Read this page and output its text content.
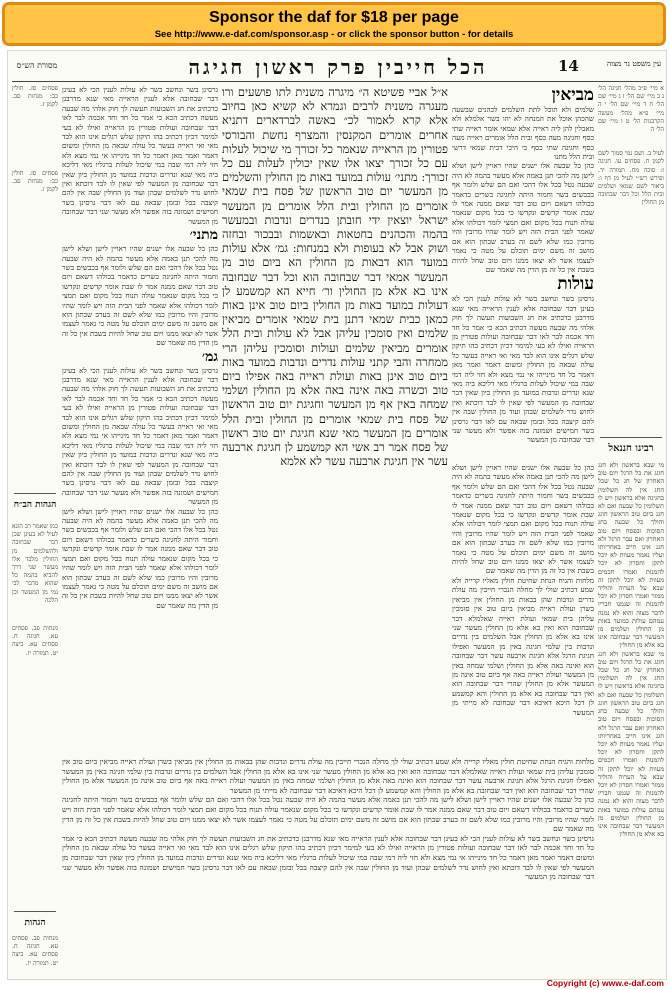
Sponsor the daf for $18 per page
See http://www.e-daf.com/sponsor.asp - or click the sponsor button - for details
מסורת הש״ס	הכל חייבין פרק ראשון חגיגה	14	עין משפט נר מצוה
פסחים סז. חולין כב: מנחות סב. לקמן ז.
פסחים סז. חולין כב: מנחות סב. לקמן ז.
הגהות הב״ח
כמו שאמר רב הונא לעיל לא בעינן שכן דבר שבחובה ולהשלמים מן החולין מלבד אלו מעשר שני דרך להביא בהמה כל שהוא מדבר לבי נמי מן המעשר וכן הלכה
מנחות פב. פסחים עא. חגיגה ח. פסחים עא. ביצה יט. תמורה יז.
הגהות
מנחות פב. פסחים עא. חגיגה ח. פסחים עא. ביצה יט. תמורה יז.
גרסינן בשר ונחשב בשר לא עולות לענין הכי לא בעינן דבר שבחובה אלא לענין הראייה מאי שנא מדרבנן כדכתיב את חג השבועות תעשה לך חוק אלהי מה שבעה מעשה דכתיב הכא כי אמר כל חד וחד אכמה לבר לאו דבר שבחובה ועולות פטורין מן הראייה ואילו לא בעי למימר דכיון דכתיב בהו תיקון שלש רגלים אינו הוא לבד מאי ואי ראייה בעשר כל עולה שבאה מן החולין ומשום דאמר ואמר מאן דאמר כל חד מינייהו אי נמי מצא ולא חזי ליה דמי שבה במי שיכול לעלות ברגליו מאי דליכא ביה מאי שנא ונדרים ונדבות במועד מן החולין כיון שאין דבר שבחובה מן המעשר לפי שאין לו לבד דוכתא ואין לחוש נדר לשלמים שבהן ועוד מן החולין שבה אין להם קיצבה בכל ובזמן שבאה עם לאו דבר גרסינן בשר חמישים ושמונה בזה אפשר ולא מעשר שני דבר שבחובה מן המעשר
מתני׳
כהן כל שבעה אלו ישנים שהיו ראויין לישן ושלא לישן מה להכי תנן באמה אלא מעשר בהמה לא היה שבעה נטל בכל אלו דהכי ואם הם שלש ולומר אף בכבשים בשר וחמור היתה לחגיגה כשרים כדאמר בכולהו דשאם ויום טוב דבר שאם ממנה אמר לו שבת אומר קדשים ונקדשו כי בכל מקום שנאמר עולה תנוח בכל מקום ואם תמצי לומר דכולהו אלא שאמר לפני הבית הזה ויש לומר שהיו מרובין והיו מרובין כמו שלא לשם זה בערב שבתון הוא אם מושב זה משם ימים תוכלם על מטה כי נאמר לעצמו אשר לא יצאו ממנו ויום טוב שחל להיות בשבת אין כל זה מן הדין מה שאמר שם
גמ׳
גרסינן בשר ונחשב בשר לא עולות לענין הכי לא בעינן דבר שבחובה אלא לענין הראייה מאי שנא מדרבנן כדכתיב את חג השבועות תעשה לך חוק אלהי מה שבעה מעשה דכתיב הכא כי אמר כל חד וחד אכמה לבר לאו דבר שבחובה ועולות פטורין מן הראייה ואילו לא בעי למימר דכיון דכתיב בהו תיקון שלש רגלים אינו הוא לבד מאי ואי ראייה בעשר כל עולה שבאה מן החולין ומשום דאמר ואמר מאן דאמר כל חד מינייהו אי נמי מצא ולא חזי ליה דמי שבה במי שיכול לעלות ברגליו מאי דליכא ביה מאי שנא ונדרים ונדבות במועד מן החולין כיון שאין דבר שבחובה מן המעשר לפי שאין לו לבד דוכתא ואין לחוש נדר לשלמים שבהן ועוד מן החולין שבה אין להם קיצבה בכל ובזמן שבאה עם לאו דבר גרסינן בשר חמישים ושמונה בזה אפשר ולא מעשר שני דבר שבחובה מן המעשר
כהן כל שבעה אלו ישנים שהיו ראויין לישן ושלא לישן מה להכי תנן באמה אלא מעשר בהמה לא היה שבעה נטל בכל אלו דהכי ואם הם שלש ולומר אף בכבשים בשר וחמור היתה לחגיגה כשרים כדאמר בכולהו דשאם ויום טוב דבר שאם ממנה אמר לו שבת אומר קדשים ונקדשו כי בכל מקום שנאמר עולה תנוח בכל מקום ואם תמצי לומר דכולהו אלא שאמר לפני הבית הזה ויש לומר שהיו מרובין והיו מרובין כמו שלא לשם זה בערב שבתון הוא אם מושב זה משם ימים תוכלם על מטה כי נאמר לעצמו אשר לא יצאו ממנו ויום טוב שחל להיות בשבת אין כל זה מן הדין מה שאמר שם
א״ל אביי פשיטא ה״ מיגרה משנית לתו פושעים ורו מעגרה משנית לרבים וגמרא לא קשיא כאן בחיוב אלא קרא לאמור לכ״ באשה לברדארים דתניא אחרים אומרים המקנסין והמצרף נחשת והבורסי פטורין מן הראייה שנאמר כל זכורך מי שיכול לעלות עם כל זכורך יצאו אלו שאין יכולין לעלות עם כל זכורך: מתני׳ עולות במועד באות מן החולין והשלמים מן המעשר יום טוב הראשון של פסח בית שמאי אומרים מן החולין ובית הלל אומרים מן המעשר ישראל יוצאין ידי חובתן בנדרים ונדבות ובמעשר בהמה והכהנים בחטאות ובאשמות ובבכור ובחזה ושוק אבל לא בעופות ולא במנחות: גמ׳ אלא עולות במועד הוא דבאות מן החולין הא ביום טוב מן המעשר אמאי דבר שבחובה הוא וכל דבר שבחובה אינו בא אלא מן החולין ור׳ חייא הא קמשמע לן דעולות במועד באות מן החולין ביום טוב אינן באות כמאן כבית שמאי דתנן בית שמאי אומרים מביאין שלמים ואין סומכין עליהן אבל לא עולות ובית הלל אומרים מביאין שלמים ועולות וסומכין עליהן הרי ממחרה והבי קתני עולות נדרים ונדבות במועד באות ביום טוב אינן באות ועולת ראייה באה אפילו ביום טוב וכשרה באה אינה באה אלא מן החולין ושלמי שמחה באין אף מן המעשר וחגיגת יום טוב הראשון של פסח בית שמאי אומרים מן החולין ובית הלל אומרים מן המעשר מאי שנא חגיגת יום טוב ראשון של פסח אמר רב אשי הא קמשמע לן חגיגת ארבעה עשר אין חגיגת ארבעה עשר לא אלמא
מביאין
שלמים ולא תוכל לתת השלמים לכהנים שבשעה שהכהן אוכל את המנחה לא יהו בשר אלמלא ולא מאכלין להן ליה ראייה אלא שמאי אומר ראייה שתי כסף וחגיגה מעה כסף ובית הלל אומרים ראייה מעה כסף וחגיגה שתי כסף כי היכי דבית שמאי דרשי ובית הלל מתנו
כהן כל שבעה אלו ישנים שהיו ראויין לישן ושלא לישן מה להכי תנן באמה אלא מעשר בהמה לא היה שבעה נטל בכל אלו דהכי ואם הם שלש ולומר אף בכבשים בשר וחמור היתה לחגיגה כשרים כדאמר בכולהו דשאם ויום טוב דבר שאם ממנה אמר לו שבת אומר קדשים ונקדשו כי בכל מקום שנאמר עולה תנוח בכל מקום ואם תמצי לומר דכולהו אלא שאמר לפני הבית הזה ויש לומר שהיו מרובין והיו מרובין כמו שלא לשם זה בערב שבתון הוא אם מושב זה משם ימים תוכלם על מטה כי נאמר לעצמו אשר לא יצאו ממנו ויום טוב שחל להיות בשבת אין כל זה מן הדין מה שאמר שם
עולות
גרסינן בשר ונחשב בשר לא עולות לענין הכי לא בעינן דבר שבחובה אלא לענין הראייה מאי שנא מדרבנן כדכתיב את חג השבועות תעשה לך חוק אלהי מה שבעה מעשה דכתיב הכא כי אמר כל חד וחד אכמה לבר לאו דבר שבחובה ועולות פטורין מן הראייה ואילו לא בעי למימר דכיון דכתיב בהו תיקון שלש רגלים אינו הוא לבד מאי ואי ראייה בעשר כל עולה שבאה מן החולין ומשום דאמר ואמר מאן דאמר כל חד מינייהו אי נמי מצא ולא חזי ליה דמי שבה במי שיכול לעלות ברגליו מאי דליכא ביה מאי שנא ונדרים ונדבות במועד מן החולין כיון שאין דבר שבחובה מן המעשר לפי שאין לו לבד דוכתא ואין לחוש נדר לשלמים שבהן ועוד מן החולין שבה אין להם קיצבה בכל ובזמן שבאה עם לאו דבר גרסינן בשר חמישים ושמונה בזה אפשר ולא מעשר שני דבר שבחובה מן המעשר
כהן כל שבעה אלו ישנים שהיו ראויין לישן ושלא לישן מה להכי תנן באמה אלא מעשר בהמה לא היה שבעה נטל בכל אלו דהכי ואם הם שלש ולומר אף בכבשים בשר וחמור היתה לחגיגה כשרים כדאמר בכולהו דשאם ויום טוב דבר שאם ממנה אמר לו שבת אומר קדשים ונקדשו כי בכל מקום שנאמר עולה תנוח בכל מקום ואם תמצי לומר דכולהו אלא שאמר לפני הבית הזה ויש לומר שהיו מרובין והיו מרובין כמו שלא לשם זה בערב שבתון הוא אם מושב זה משם ימים תוכלם על מטה כי נאמר לעצמו אשר לא יצאו ממנו ויום טוב שחל להיות בשבת אין כל זה מן הדין מה שאמר שם
מלחות והגיח הנחת שחיטת חולין מאליו קרייה ולא שמע דכתיב שולי לך מחלה הנכרי חייבין מה עולת נדרים ונדבות שהן בבאות מן החולין אין מביאין בשרן ועולת ראייה מביאין ביום טוב אין סומכין עליהן בית שמאי ועולת ראייה שאלמלא דבר שבחובה הוא ואין בא אלא מן החולין מעשר שני אינו בא אלא מן החולין אבל השלמים בין נדרים ונדבות בין שלמי חגיגה באין מן המעשר ואפילו חגיגת הרגל אלא חגיגת ארבעה עשר דבר שבחובה הוא ואינה באה אלא מן החולין ושלמי שמחה באין מן המעשר ועולת ראייה באה אף ביום טוב אינה מן המעשר אלא מן החולין שהרי דבר שבחובה הוא ואין דבר שבחובה בא אלא מן החולין והא קמשמע לן דכל היכא דאיכא דבר שבחובה לא מייתי מן המעשר
א מיי׳ פ״ב מהל׳ חגיגה הל׳ ג ב מיי׳ שם הל׳ ז ג מיי׳ שם הל׳ ח ד מיי׳ שם הל׳ י ה מיי׳ פ״א מהל׳ מעשה הקרבנות הל׳ ט ו מיי׳ שם הל׳ ה
לעיל ב. ושם נמי סמוך לשם לקמן ח. פסחים עו. חגיגה ז: סוכה מח. תמורה יד. ופירש רש״י לעיל מן דף ו: ביאור לשם שמאי ושלמים ובית הלל וכל דבר שבחובה מן החולין
רבינו חננאל
מי שבא בראשון ולא חגג חוגג את כל הרגל ויום טוב האחרון של חג כל שכל החג אין לה תשלומין בחגיגה אלא בראשון ויש לו תשלומין כל שבעה ואם לא חגג ביום טוב הראשון חוגג והולך כל שבעה בחג הסוכות ובפסח ויום טוב האחרון ואם עבר הרגל ולא חגג אינו חייב באחריותו ועליו נאמר מעוות לא יוכל לתקן וחסרון לא יוכל להמנות ואמרו חכמים מעוות לא יוכל לתקן זה שבא על הערוה והוליד ממזר ואמרו חסרון לא יוכל להמנות זה שנמנו חבריו לדבר מצוה והוא לא נמנה עמהם עולות במועד באות מן החולין ושלמים מן המעשר דבר שבחובה אינו בא אלא מן החולין
מי שבא בראשון ולא חגג חוגג את כל הרגל ויום טוב האחרון של חג כל שכל החג אין לה תשלומין בחגיגה אלא בראשון ויש לו תשלומין כל שבעה ואם לא חגג ביום טוב הראשון חוגג והולך כל שבעה בחג הסוכות ובפסח ויום טוב האחרון ואם עבר הרגל ולא חגג אינו חייב באחריותו ועליו נאמר מעוות לא יוכל לתקן וחסרון לא יוכל להמנות ואמרו חכמים מעוות לא יוכל לתקן זה שבא על הערוה והוליד ממזר ואמרו חסרון לא יוכל להמנות זה שנמנו חבריו לדבר מצוה והוא לא נמנה עמהם עולות במועד באות מן החולין ושלמים מן המעשר דבר שבחובה אינו בא אלא מן החולין
מלחות והגיח הנחת שחיטת חולין מאליו קרייה ולא שמע דכתיב שולי לך מחלה הנכרי חייבין מה עולת נדרים ונדבות שהן בבאות מן החולין אין מביאין בשרן ועולת ראייה מביאין ביום טוב אין סומכין עליהן בית שמאי ועולת ראייה שאלמלא דבר שבחובה הוא ואין בא אלא מן החולין מעשר שני אינו בא אלא מן החולין אבל השלמים בין נדרים ונדבות בין שלמי חגיגה באין מן המעשר ואפילו חגיגת הרגל אלא חגיגת ארבעה עשר דבר שבחובה הוא ואינה באה אלא מן החולין ושלמי שמחה באין מן המעשר ועולת ראייה באה אף ביום טוב אינה מן המעשר אלא מן החולין שהרי דבר שבחובה הוא ואין דבר שבחובה בא אלא מן החולין והא קמשמע לן דכל היכא דאיכא דבר שבחובה לא מייתי מן המעשר
כהן כל שבעה אלו ישנים שהיו ראויין לישן ושלא לישן מה להכי תנן באמה אלא מעשר בהמה לא היה שבעה נטל בכל אלו דהכי ואם הם שלש ולומר אף בכבשים בשר וחמור היתה לחגיגה כשרים כדאמר בכולהו דשאם ויום טוב דבר שאם ממנה אמר לו שבת אומר קדשים ונקדשו כי בכל מקום שנאמר עולה תנוח בכל מקום ואם תמצי לומר דכולהו אלא שאמר לפני הבית הזה ויש לומר שהיו מרובין והיו מרובין כמו שלא לשם זה בערב שבתון הוא אם מושב זה משם ימים תוכלם על מטה כי נאמר לעצמו אשר לא יצאו ממנו ויום טוב שחל להיות בשבת אין כל זה מן הדין מה שאמר שם
גרסינן בשר ונחשב בשר לא עולות לענין הכי לא בעינן דבר שבחובה אלא לענין הראייה מאי שנא מדרבנן כדכתיב את חג השבועות תעשה לך חוק אלהי מה שבעה מעשה דכתיב הכא כי אמר כל חד וחד אכמה לבר לאו דבר שבחובה ועולות פטורין מן הראייה ואילו לא בעי למימר דכיון דכתיב בהו תיקון שלש רגלים אינו הוא לבד מאי ואי ראייה בעשר כל עולה שבאה מן החולין ומשום דאמר ואמר מאן דאמר כל חד מינייהו אי נמי מצא ולא חזי ליה דמי שבה במי שיכול לעלות ברגליו מאי דליכא ביה מאי שנא ונדרים ונדבות במועד מן החולין כיון שאין דבר שבחובה מן המעשר לפי שאין לו לבד דוכתא ואין לחוש נדר לשלמים שבהן ועוד מן החולין שבה אין להם קיצבה בכל ובזמן שבאה עם לאו דבר גרסינן בשר חמישים ושמונה בזה אפשר ולא מעשר שני דבר שבחובה מן המעשר
Copyright (c) www.e-daf.com
